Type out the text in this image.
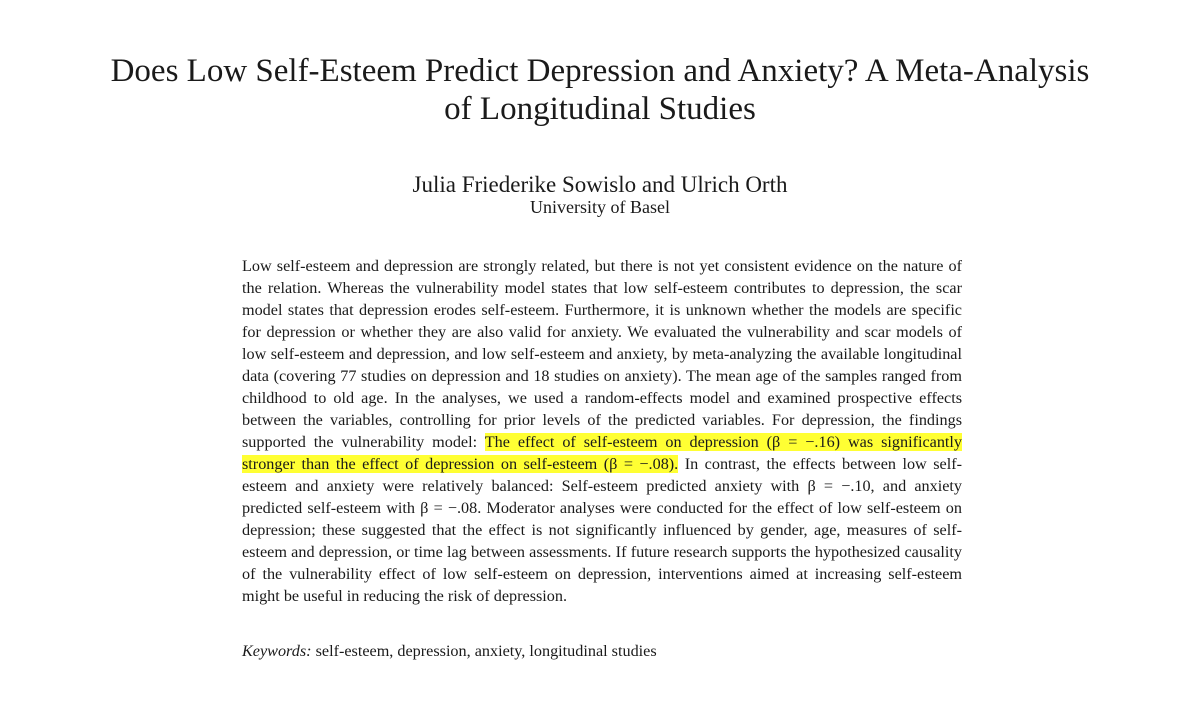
Does Low Self-Esteem Predict Depression and Anxiety? A Meta-Analysis
of Longitudinal Studies
Julia Friederike Sowislo and Ulrich Orth
University of Basel

Low self-esteem and depression are strongly related, but there is not yet consistent evidence on the nature of the relation. Whereas the vulnerability model states that low self-esteem contributes to depression, the scar model states that depression erodes self-esteem. Furthermore, it is unknown whether the models are specific for depression or whether they are also valid for anxiety. We evaluated the vulnerability and scar models of low self-esteem and depression, and low self-esteem and anxiety, by meta-analyzing the available longitudinal data (covering 77 studies on depression and 18 studies on anxiety). The mean age of the samples ranged from childhood to old age. In the analyses, we used a random-effects model and examined prospective effects between the variables, controlling for prior levels of the predicted variables. For depression, the findings supported the vulnerability model: The effect of self-esteem on depression (β = −.16) was significantly stronger than the effect of depression on self-esteem (β = −.08). In contrast, the effects between low self-esteem and anxiety were relatively balanced: Self-esteem predicted anxiety with β = −.10, and anxiety predicted self-esteem with β = −.08. Moderator analyses were conducted for the effect of low self-esteem on depression; these suggested that the effect is not significantly influenced by gender, age, measures of self-esteem and depression, or time lag between assessments. If future research supports the hypothesized causality of the vulnerability effect of low self-esteem on depression, interventions aimed at increasing self-esteem might be useful in reducing the risk of depression.

Keywords: self-esteem, depression, anxiety, longitudinal studies
